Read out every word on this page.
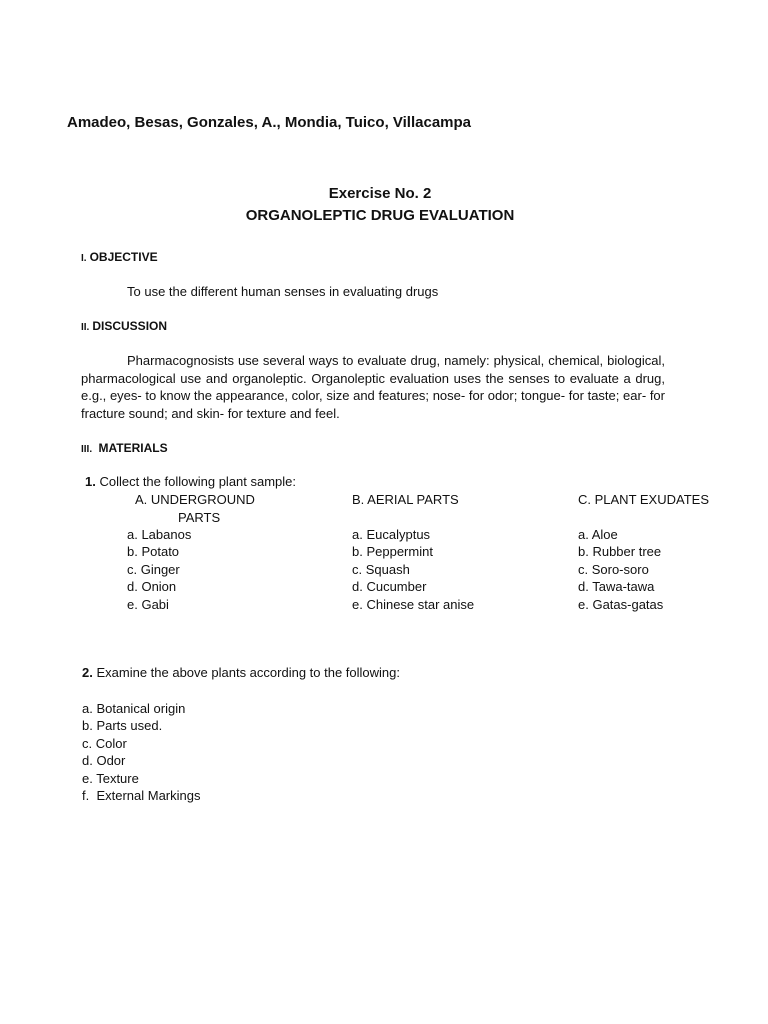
Amadeo, Besas, Gonzales, A., Mondia, Tuico, Villacampa
Exercise No. 2
ORGANOLEPTIC DRUG EVALUATION
I. OBJECTIVE
To use the different human senses in evaluating drugs
II. DISCUSSION
Pharmacognosists use several ways to evaluate drug, namely: physical, chemical, biological, pharmacological use and organoleptic. Organoleptic evaluation uses the senses to evaluate a drug, e.g., eyes- to know the appearance, color, size and features; nose- for odor; tongue- for taste; ear- for fracture sound; and skin- for texture and feel.
III. MATERIALS
1. Collect the following plant sample:
A. UNDERGROUND
PARTS
a. Labanos
b. Potato
c. Ginger
d. Onion
e. Gabi
B. AERIAL PARTS
a. Eucalyptus
b. Peppermint
c. Squash
d. Cucumber
e. Chinese star anise
C. PLANT EXUDATES
a. Aloe
b. Rubber tree
c. Soro-soro
d. Tawa-tawa
e. Gatas-gatas
2. Examine the above plants according to the following:
a. Botanical origin
b. Parts used.
c. Color
d. Odor
e. Texture
f.  External Markings
